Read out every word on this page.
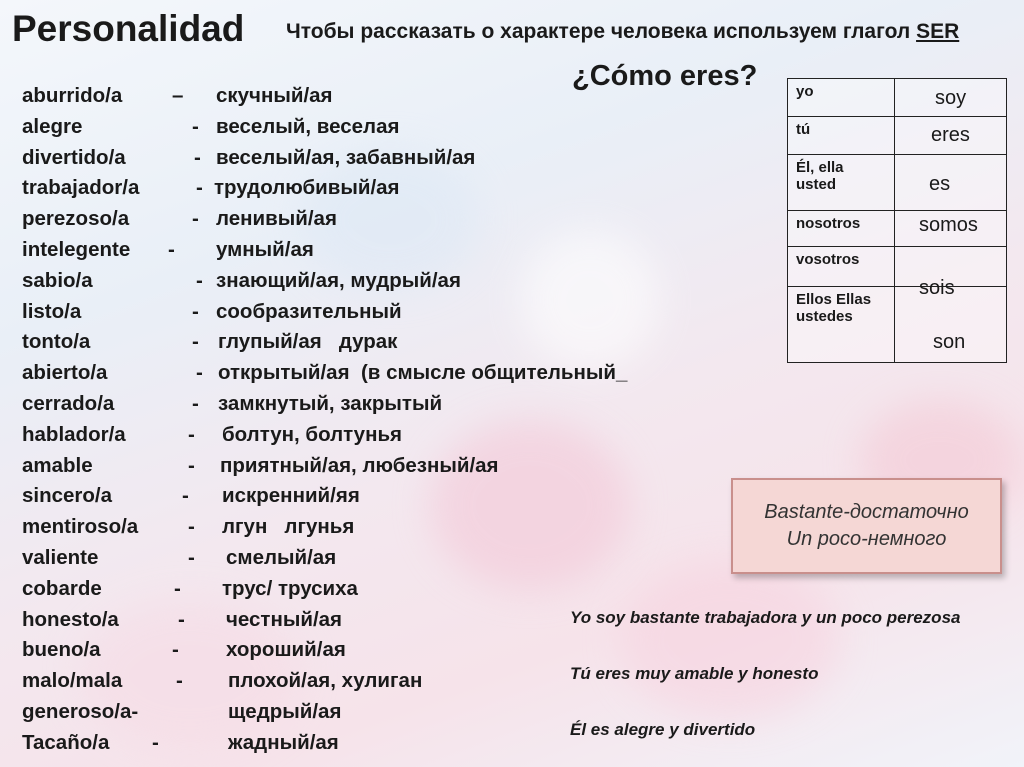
Personalidad Чтобы рассказать о характере человека используем глагол SER
¿Cómo eres?
aburrido/a – скучный/ая
alegre	- веселый, веселая
divertido/a	- веселый/ая, забавный/ая
trabajador/a	- трудолюбивый/ая
perezoso/a	- ленивый/ая
intelegente - умный/ая
sabio/a	- знающий/ая, мудрый/ая
listo/a	- сообразительный
tonto/a	- глупый/ая   дурак
abierto/a	- открытый/ая  (в смысле общительный_
cerrado/a	- замкнутый, закрытый
hablador/a	- болтун, болтунья
amable	- приятный/ая, любезный/ая
sincero/a	- искренний/яя
mentiroso/a - лгун   лгунья
valiente	- смелый/ая
cobarde	- трус/ трусиха
honesto/a	- честный/ая
bueno/a	- хороший/ая
malo/mala	- плохой/ая, хулиган
generoso/a-	щедрый/ая
Tacaño/a -	жадный/ая
yo	soy

tú	eres

Él, ella usted	es

nosotros	somos

vosotros	sois

Ellos Ellas ustedes	son
Bastante-достаточно
Un poco-немного
Yo soy bastante trabajadora y un poco perezosa
Tú eres muy amable y honesto
Él es alegre y divertido
